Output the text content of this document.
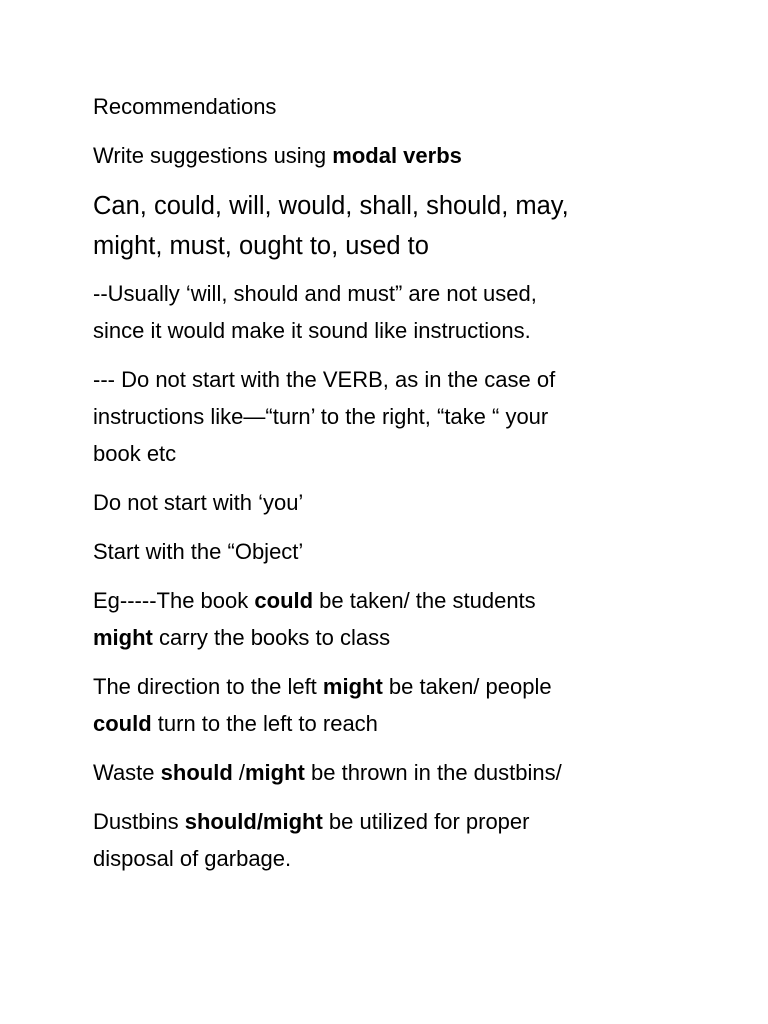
Recommendations

Write suggestions using modal verbs

Can, could, will, would, shall, should, may,
might, must, ought to, used to

--Usually ‘will, should and must” are not used,
since it would make it sound like instructions.

--- Do not start with the VERB, as in the case of
instructions like—“turn’ to the right, “take “ your
book etc

Do not start with ‘you’

Start with the “Object’

Eg-----The book could be taken/ the students
might carry the books to class

The direction to the left might be taken/ people
could turn to the left to reach

Waste should /might be thrown in the dustbins/

Dustbins should/might be utilized for proper
disposal of garbage.
